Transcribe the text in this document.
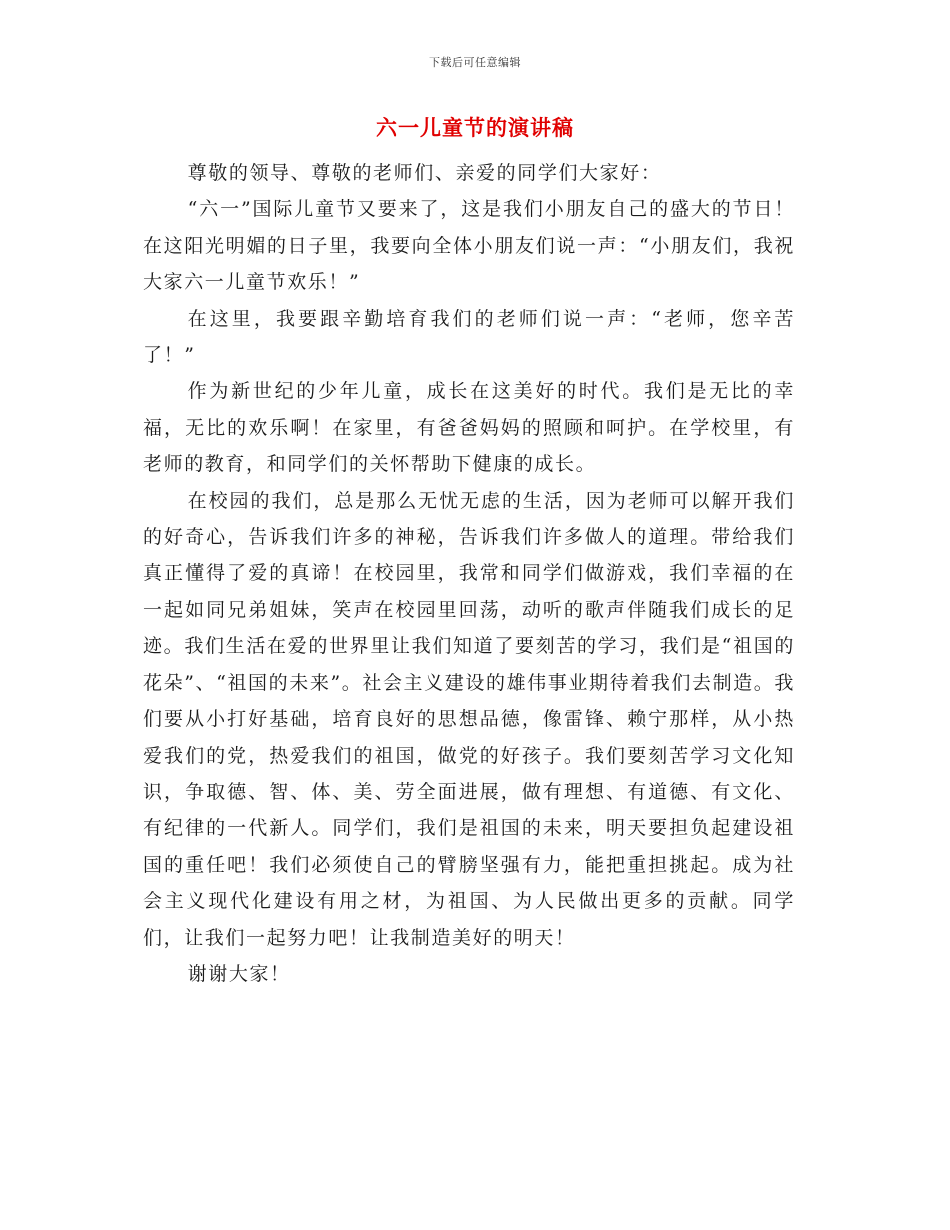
下载后可任意编辑
六一儿童节的演讲稿

尊敬的领导、尊敬的老师们、亲爱的同学们大家好：

“六一”国际儿童节又要来了，这是我们小朋友自己的盛大的节日！在这阳光明媚的日子里，我要向全体小朋友们说一声：“小朋友们，我祝大家六一儿童节欢乐！”

在这里，我要跟辛勤培育我们的老师们说一声：“老师，您辛苦了！”

作为新世纪的少年儿童，成长在这美好的时代。我们是无比的幸福，无比的欢乐啊！在家里，有爸爸妈妈的照顾和呵护。在学校里，有老师的教育，和同学们的关怀帮助下健康的成长。

在校园的我们，总是那么无忧无虑的生活，因为老师可以解开我们的好奇心，告诉我们许多的神秘，告诉我们许多做人的道理。带给我们真正懂得了爱的真谛！在校园里，我常和同学们做游戏，我们幸福的在一起如同兄弟姐妹，笑声在校园里回荡，动听的歌声伴随我们成长的足迹。我们生活在爱的世界里让我们知道了要刻苦的学习，我们是“祖国的花朵”、“祖国的未来”。社会主义建设的雄伟事业期待着我们去制造。我们要从小打好基础，培育良好的思想品德，像雷锋、赖宁那样，从小热爱我们的党，热爱我们的祖国，做党的好孩子。我们要刻苦学习文化知识，争取德、智、体、美、劳全面进展，做有理想、有道德、有文化、有纪律的一代新人。同学们，我们是祖国的未来，明天要担负起建设祖国的重任吧！我们必须使自己的臂膀坚强有力，能把重担挑起。成为社会主义现代化建设有用之材，为祖国、为人民做出更多的贡献。同学们，让我们一起努力吧！让我制造美好的明天！

谢谢大家！
